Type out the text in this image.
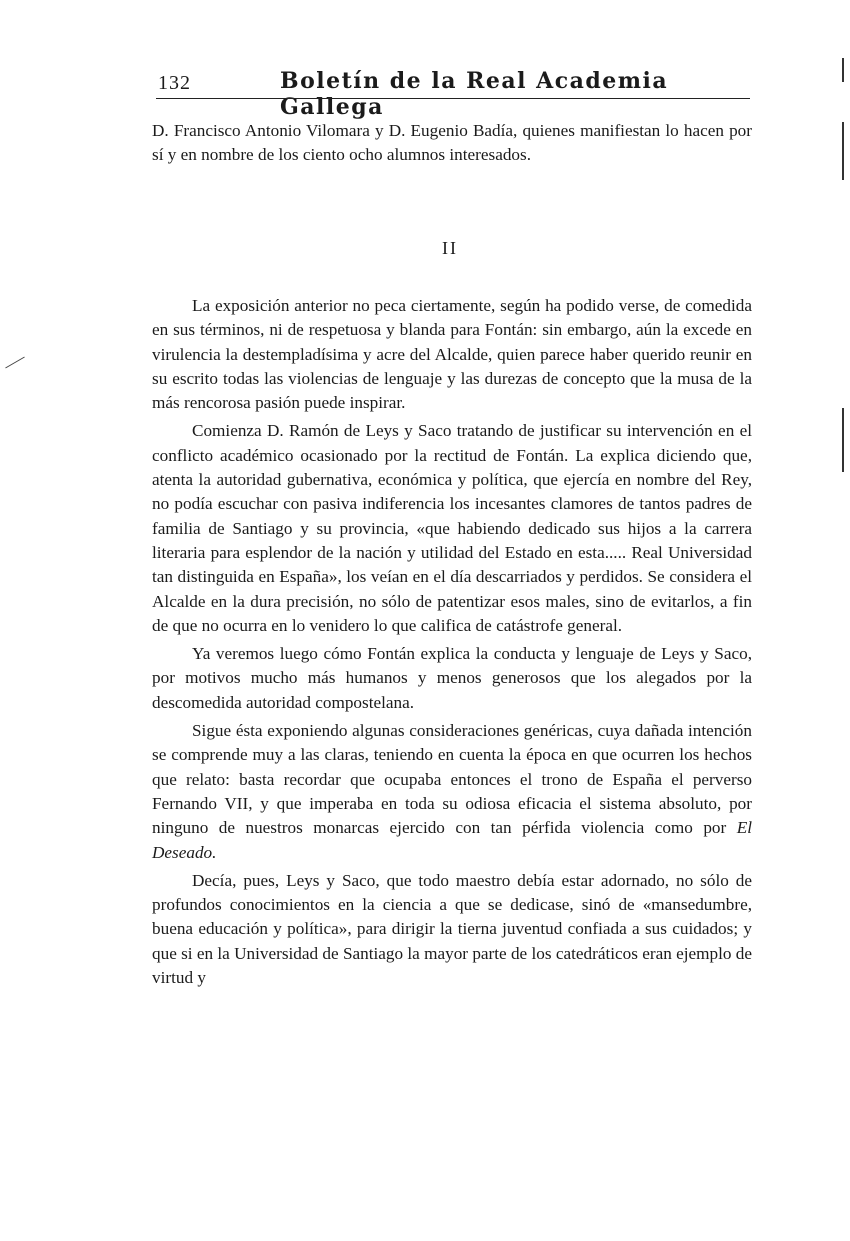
132	Boletín de la Real Academia Gallega

D. Francisco Antonio Vilomara y D. Eugenio Badía, quienes manifiestan lo hacen por sí y en nombre de los ciento ocho alumnos interesados.

II

La exposición anterior no peca ciertamente, según ha podido verse, de comedida en sus términos, ni de respetuosa y blanda para Fontán: sin embargo, aún la excede en virulencia la destempladísima y acre del Alcalde, quien parece haber querido reunir en su escrito todas las violencias de lenguaje y las durezas de concepto que la musa de la más rencorosa pasión puede inspirar.

Comienza D. Ramón de Leys y Saco tratando de justificar su intervención en el conflicto académico ocasionado por la rectitud de Fontán. La explica diciendo que, atenta la autoridad gubernativa, económica y política, que ejercía en nombre del Rey, no podía escuchar con pasiva indiferencia los incesantes clamores de tantos padres de familia de Santiago y su provincia, «que habiendo dedicado sus hijos a la carrera literaria para esplendor de la nación y utilidad del Estado en esta..... Real Universidad tan distinguida en España», los veían en el día descarriados y perdidos. Se considera el Alcalde en la dura precisión, no sólo de patentizar esos males, sino de evitarlos, a fin de que no ocurra en lo venidero lo que califica de catástrofe general.

Ya veremos luego cómo Fontán explica la conducta y lenguaje de Leys y Saco, por motivos mucho más humanos y menos generosos que los alegados por la descomedida autoridad compostelana.

Sigue ésta exponiendo algunas consideraciones genéricas, cuya dañada intención se comprende muy a las claras, teniendo en cuenta la época en que ocurren los hechos que relato: basta recordar que ocupaba entonces el trono de España el perverso Fernando VII, y que imperaba en toda su odiosa eficacia el sistema absoluto, por ninguno de nuestros monarcas ejercido con tan pérfida violencia como por El Deseado.

Decía, pues, Leys y Saco, que todo maestro debía estar adornado, no sólo de profundos conocimientos en la ciencia a que se dedicase, sinó de «mansedumbre, buena educación y política», para dirigir la tierna juventud confiada a sus cuidados; y que si en la Universidad de Santiago la mayor parte de los catedráticos eran ejemplo de virtud y
